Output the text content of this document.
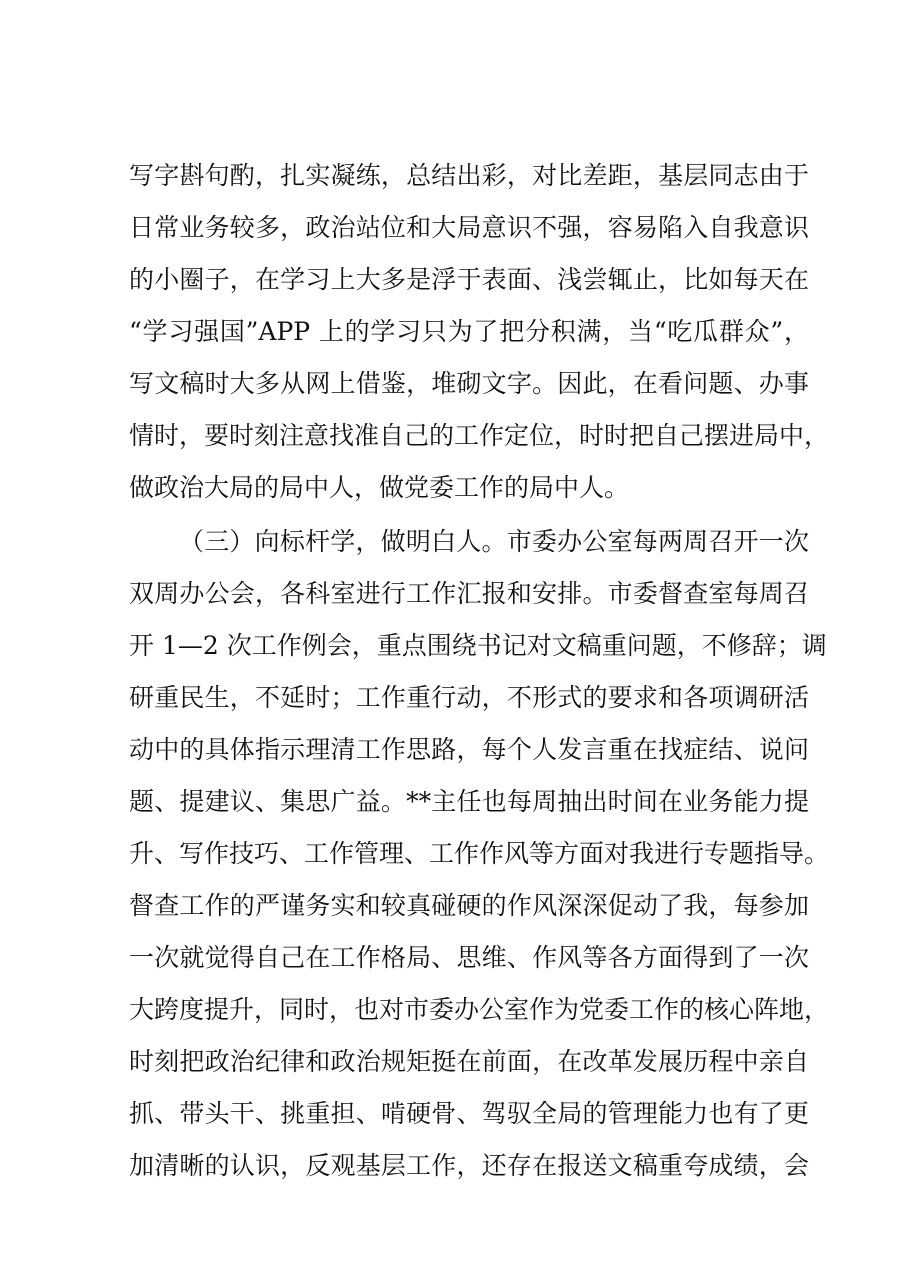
写字斟句酌，扎实凝练，总结出彩，对比差距，基层同志由于
日常业务较多，政治站位和大局意识不强，容易陷入自我意识
的小圈子，在学习上大多是浮于表面、浅尝辄止，比如每天在
“学习强国”APP 上的学习只为了把分积满，当“吃瓜群众”，
写文稿时大多从网上借鉴，堆砌文字。因此，在看问题、办事
情时，要时刻注意找准自己的工作定位，时时把自己摆进局中，
做政治大局的局中人，做党委工作的局中人。
（三）向标杆学，做明白人。市委办公室每两周召开一次
双周办公会，各科室进行工作汇报和安排。市委督查室每周召
开 1—2 次工作例会，重点围绕书记对文稿重问题，不修辞；调
研重民生，不延时；工作重行动，不形式的要求和各项调研活
动中的具体指示理清工作思路，每个人发言重在找症结、说问
题、提建议、集思广益。**主任也每周抽出时间在业务能力提
升、写作技巧、工作管理、工作作风等方面对我进行专题指导。
督查工作的严谨务实和较真碰硬的作风深深促动了我，每参加
一次就觉得自己在工作格局、思维、作风等各方面得到了一次
大跨度提升，同时，也对市委办公室作为党委工作的核心阵地，
时刻把政治纪律和政治规矩挺在前面，在改革发展历程中亲自
抓、带头干、挑重担、啃硬骨、驾驭全局的管理能力也有了更
加清晰的认识，反观基层工作，还存在报送文稿重夸成绩，会
